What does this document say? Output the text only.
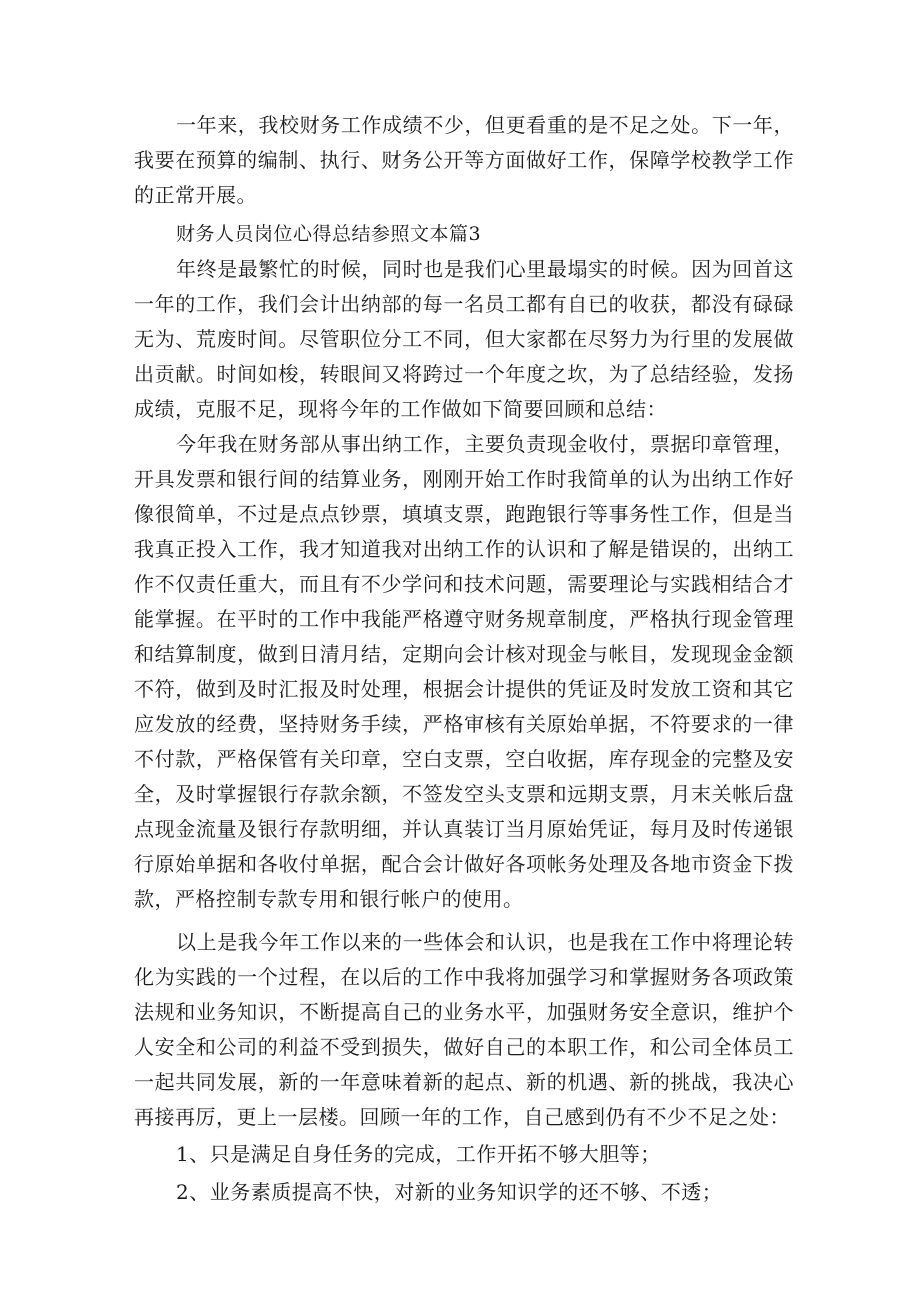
一年来，我校财务工作成绩不少，但更看重的是不足之处。下一年，我要在预算的编制、执行、财务公开等方面做好工作，保障学校教学工作的正常开展。

财务人员岗位心得总结参照文本篇3

年终是最繁忙的时候，同时也是我们心里最塌实的时候。因为回首这一年的工作，我们会计出纳部的每一名员工都有自已的收获，都没有碌碌无为、荒废时间。尽管职位分工不同，但大家都在尽努力为行里的发展做出贡献。时间如梭，转眼间又将跨过一个年度之坎，为了总结经验，发扬成绩，克服不足，现将今年的工作做如下简要回顾和总结：

今年我在财务部从事出纳工作，主要负责现金收付，票据印章管理，开具发票和银行间的结算业务，刚刚开始工作时我简单的认为出纳工作好像很简单，不过是点点钞票，填填支票，跑跑银行等事务性工作，但是当我真正投入工作，我才知道我对出纳工作的认识和了解是错误的，出纳工作不仅责任重大，而且有不少学问和技术问题，需要理论与实践相结合才能掌握。在平时的工作中我能严格遵守财务规章制度，严格执行现金管理和结算制度，做到日清月结，定期向会计核对现金与帐目，发现现金金额不符，做到及时汇报及时处理，根据会计提供的凭证及时发放工资和其它应发放的经费，坚持财务手续，严格审核有关原始单据，不符要求的一律不付款，严格保管有关印章，空白支票，空白收据，库存现金的完整及安全，及时掌握银行存款余额，不签发空头支票和远期支票，月末关帐后盘点现金流量及银行存款明细，并认真装订当月原始凭证，每月及时传递银行原始单据和各收付单据，配合会计做好各项帐务处理及各地市资金下拨款，严格控制专款专用和银行帐户的使用。

以上是我今年工作以来的一些体会和认识，也是我在工作中将理论转化为实践的一个过程，在以后的工作中我将加强学习和掌握财务各项政策法规和业务知识，不断提高自己的业务水平，加强财务安全意识，维护个人安全和公司的利益不受到损失，做好自己的本职工作，和公司全体员工一起共同发展，新的一年意味着新的起点、新的机遇、新的挑战，我决心再接再厉，更上一层楼。回顾一年的工作，自己感到仍有不少不足之处：

1、只是满足自身任务的完成，工作开拓不够大胆等；

2、业务素质提高不快，对新的业务知识学的还不够、不透；
